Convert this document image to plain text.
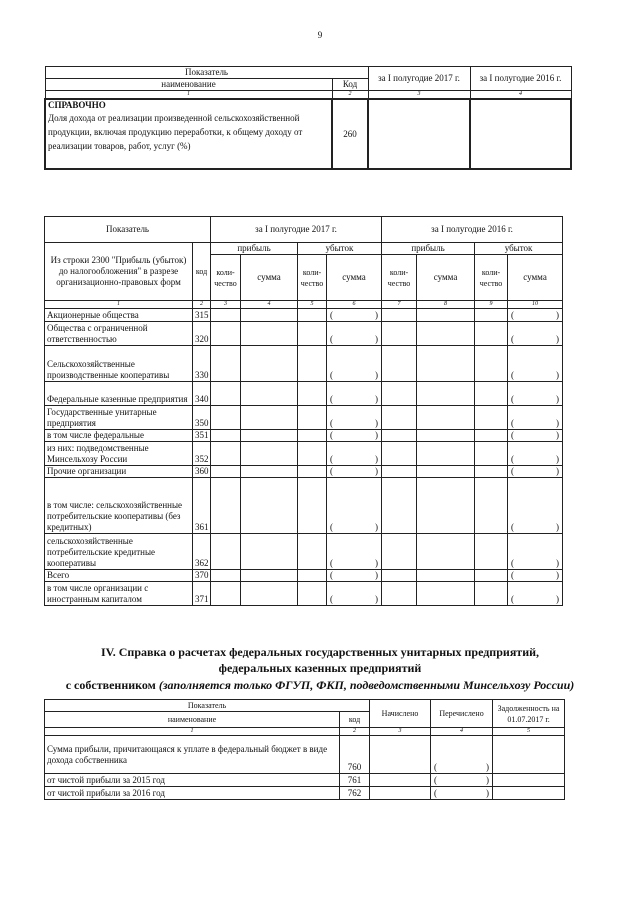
9
Показатель		за I полугодие 2017 г.	за I полугодие 2016 г.
наименование	Код		
1	2	3	4

СПРАВОЧНО
Доля дохода от реализации произведенной сельскохозяйственной продукции, включая продукцию переработки, к общему доходу от реализации товаров, работ, услуг (%)	260		
Показатель		за I полугодие 2017 г.				за I полугодие 2016 г.			
Из строки 2300 "Прибыль (убыток) до налогообложения" в разрезе организационно-правовых форм	код	прибыль		убыток		прибыль		убыток	
		коли-чество	сумма	коли-чество	сумма	коли-чество	сумма	коли-чество	сумма
1	2	3	4	5	6	7	8	9	10
Акционерные общества	315				( )				( )

Общества с ограниченной ответственностью	320				( )				( )

Сельскохозяйственные производственные кооперативы	330				( )				( )

Федеральные казенные предприятия	340				( )				( )

Государственные унитарные предприятия	350				( )				( )

в том числе федеральные	351				( )				( )

из них: подведомственные Минсельхозу России	352				( )				( )

Прочие организации	360				( )				( )

в том числе: сельскохозяйственные потребительские кооперативы (без кредитных)	361				( )				( )

сельскохозяйственные потребительские кредитные кооперативы	362				( )				( )

Всего	370				( )				( )

в том числе организации с иностранным капиталом	371				( )				( )
IV. Справка о расчетах федеральных государственных унитарных предприятий,
федеральных казенных предприятий
с собственником (заполняется только ФГУП, ФКП, подведомственными Минсельхозу России)
Показатель		Начислено	Перечислено	Задолженность на 01.07.2017 г.
наименование	код			
1	2	3	4	5
Сумма прибыли, причитающаяся к уплате в федеральный бюджет в виде дохода собственника	760		( )	

от чистой прибыли за 2015 год	761		( )	

от чистой прибыли за 2016 год	762		( )	
